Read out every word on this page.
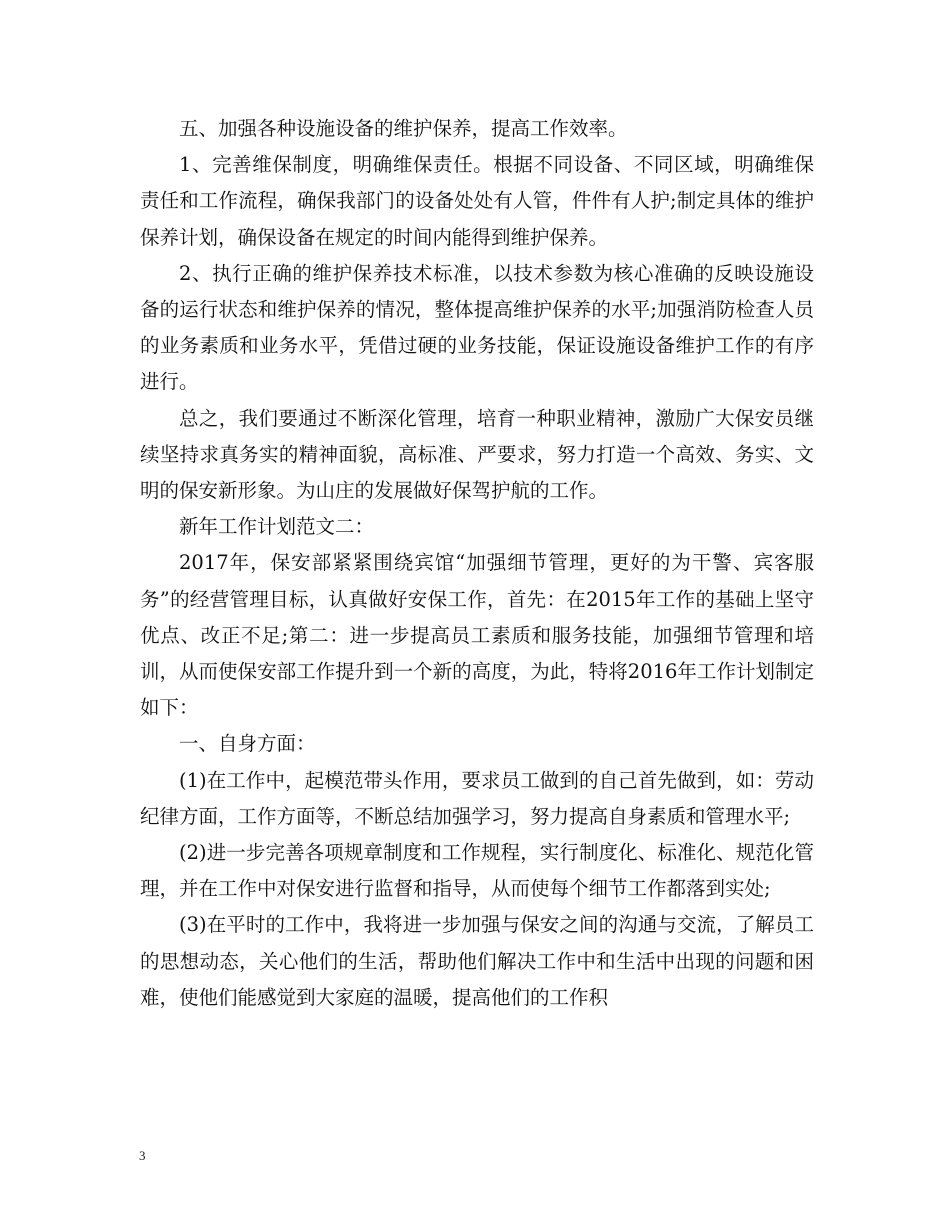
五、加强各种设施设备的维护保养，提高工作效率。

1、完善维保制度，明确维保责任。根据不同设备、不同区域，明确维保责任和工作流程，确保我部门的设备处处有人管，件件有人护;制定具体的维护保养计划，确保设备在规定的时间内能得到维护保养。

2、执行正确的维护保养技术标准，以技术参数为核心准确的反映设施设备的运行状态和维护保养的情况，整体提高维护保养的水平;加强消防检查人员的业务素质和业务水平，凭借过硬的业务技能，保证设施设备维护工作的有序进行。

总之，我们要通过不断深化管理，培育一种职业精神，激励广大保安员继续坚持求真务实的精神面貌，高标准、严要求，努力打造一个高效、务实、文明的保安新形象。为山庄的发展做好保驾护航的工作。

新年工作计划范文二：

2017年，保安部紧紧围绕宾馆“加强细节管理，更好的为干警、宾客服务”的经营管理目标，认真做好安保工作，首先：在2015年工作的基础上坚守优点、改正不足;第二：进一步提高员工素质和服务技能，加强细节管理和培训，从而使保安部工作提升到一个新的高度，为此，特将2016年工作计划制定如下：

一、自身方面：

(1)在工作中，起模范带头作用，要求员工做到的自己首先做到，如：劳动纪律方面，工作方面等，不断总结加强学习，努力提高自身素质和管理水平;

(2)进一步完善各项规章制度和工作规程，实行制度化、标准化、规范化管理，并在工作中对保安进行监督和指导，从而使每个细节工作都落到实处;

(3)在平时的工作中，我将进一步加强与保安之间的沟通与交流，了解员工的思想动态，关心他们的生活，帮助他们解决工作中和生活中出现的问题和困难，使他们能感觉到大家庭的温暖，提高他们的工作积

3
